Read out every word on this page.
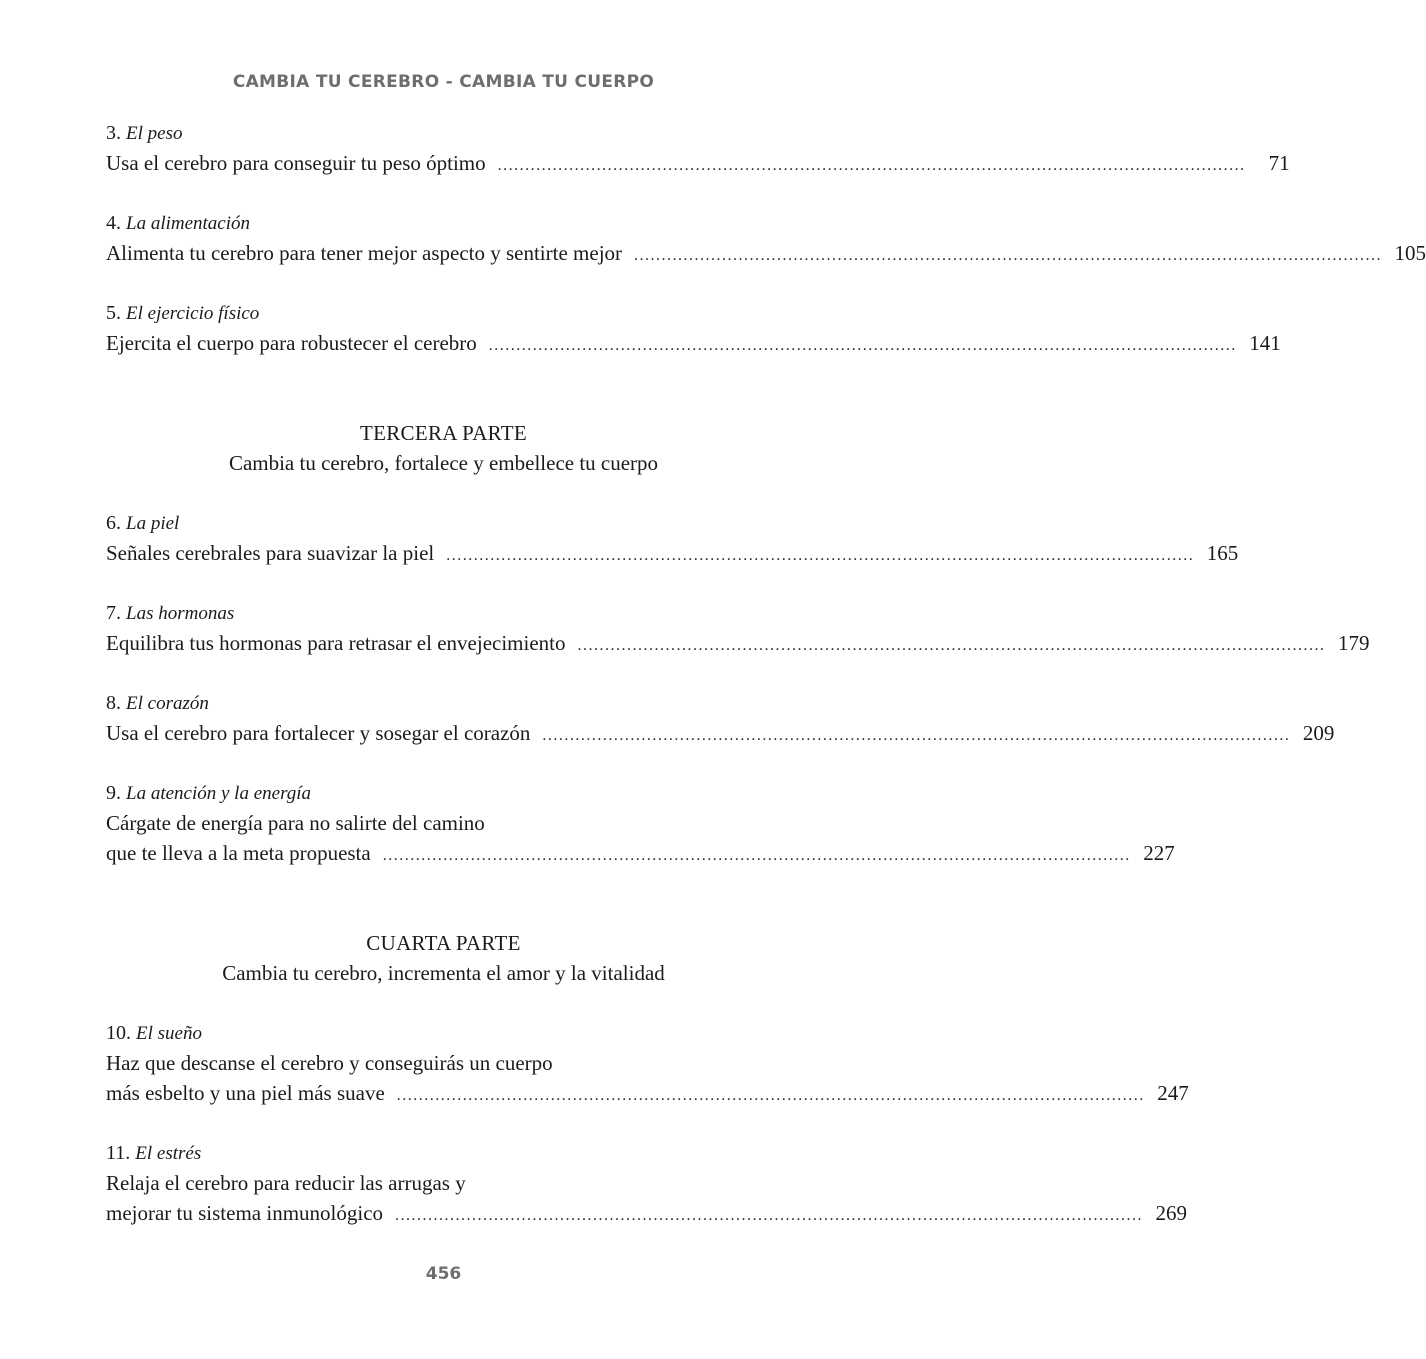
CAMBIA TU CEREBRO - CAMBIA TU CUERPO
3. El peso
Usa el cerebro para conseguir tu peso óptimo ........................................................................................................................................	71
4. La alimentación
Alimenta tu cerebro para tener mejor aspecto y sentirte mejor ........................................................................................................................................ 105
5. El ejercicio físico
Ejercita el cuerpo para robustecer el cerebro ........................................................................................................................................ 141
TERCERA PARTE
Cambia tu cerebro, fortalece y embellece tu cuerpo
6. La piel
Señales cerebrales para suavizar la piel ........................................................................................................................................ 165
7. Las hormonas
Equilibra tus hormonas para retrasar el envejecimiento ........................................................................................................................................ 179
8. El corazón
Usa el cerebro para fortalecer y sosegar el corazón ........................................................................................................................................ 209
9. La atención y la energía
Cárgate de energía para no salirte del camino
que te lleva a la meta propuesta ........................................................................................................................................ 227
CUARTA PARTE
Cambia tu cerebro, incrementa el amor y la vitalidad
10. El sueño
Haz que descanse el cerebro y conseguirás un cuerpo
más esbelto y una piel más suave ........................................................................................................................................ 247
11. El estrés
Relaja el cerebro para reducir las arrugas y
mejorar tu sistema inmunológico ........................................................................................................................................ 269
456
